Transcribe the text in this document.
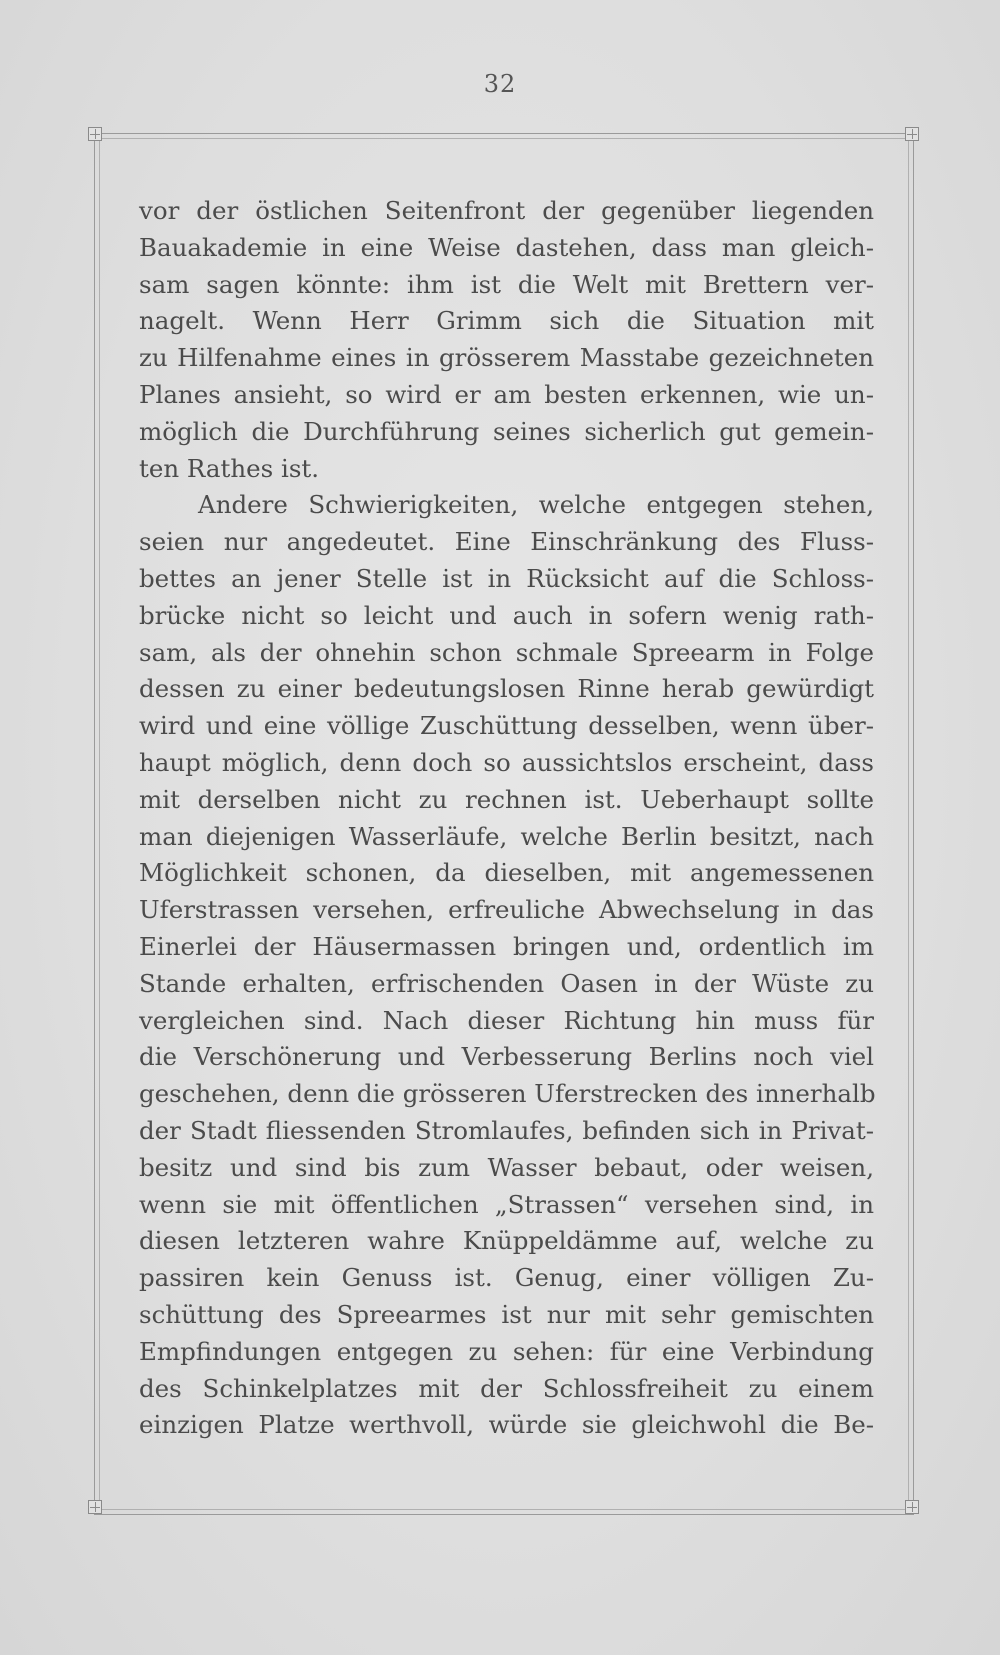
32
vor der östlichen Seitenfront der gegenüber liegenden
Bauakademie in eine Weise dastehen, dass man gleich-
sam sagen könnte: ihm ist die Welt mit Brettern ver-
nagelt. Wenn Herr Grimm sich die Situation mit
zu Hilfenahme eines in grösserem Masstabe gezeichneten
Planes ansieht, so wird er am besten erkennen, wie un-
möglich die Durchführung seines sicherlich gut gemein-
ten Rathes ist.
Andere Schwierigkeiten, welche entgegen stehen,
seien nur angedeutet. Eine Einschränkung des Fluss-
bettes an jener Stelle ist in Rücksicht auf die Schloss-
brücke nicht so leicht und auch in sofern wenig rath-
sam, als der ohnehin schon schmale Spreearm in Folge
dessen zu einer bedeutungslosen Rinne herab gewürdigt
wird und eine völlige Zuschüttung desselben, wenn über-
haupt möglich, denn doch so aussichtslos erscheint, dass
mit derselben nicht zu rechnen ist. Ueberhaupt sollte
man diejenigen Wasserläufe, welche Berlin besitzt, nach
Möglichkeit schonen, da dieselben, mit angemessenen
Uferstrassen versehen, erfreuliche Abwechselung in das
Einerlei der Häusermassen bringen und, ordentlich im
Stande erhalten, erfrischenden Oasen in der Wüste zu
vergleichen sind. Nach dieser Richtung hin muss für
die Verschönerung und Verbesserung Berlins noch viel
geschehen, denn die grösseren Uferstrecken des innerhalb
der Stadt fliessenden Stromlaufes, befinden sich in Privat-
besitz und sind bis zum Wasser bebaut, oder weisen,
wenn sie mit öffentlichen „Strassen“ versehen sind, in
diesen letzteren wahre Knüppeldämme auf, welche zu
passiren kein Genuss ist. Genug, einer völligen Zu-
schüttung des Spreearmes ist nur mit sehr gemischten
Empfindungen entgegen zu sehen: für eine Verbindung
des Schinkelplatzes mit der Schlossfreiheit zu einem
einzigen Platze werthvoll, würde sie gleichwohl die Be-
